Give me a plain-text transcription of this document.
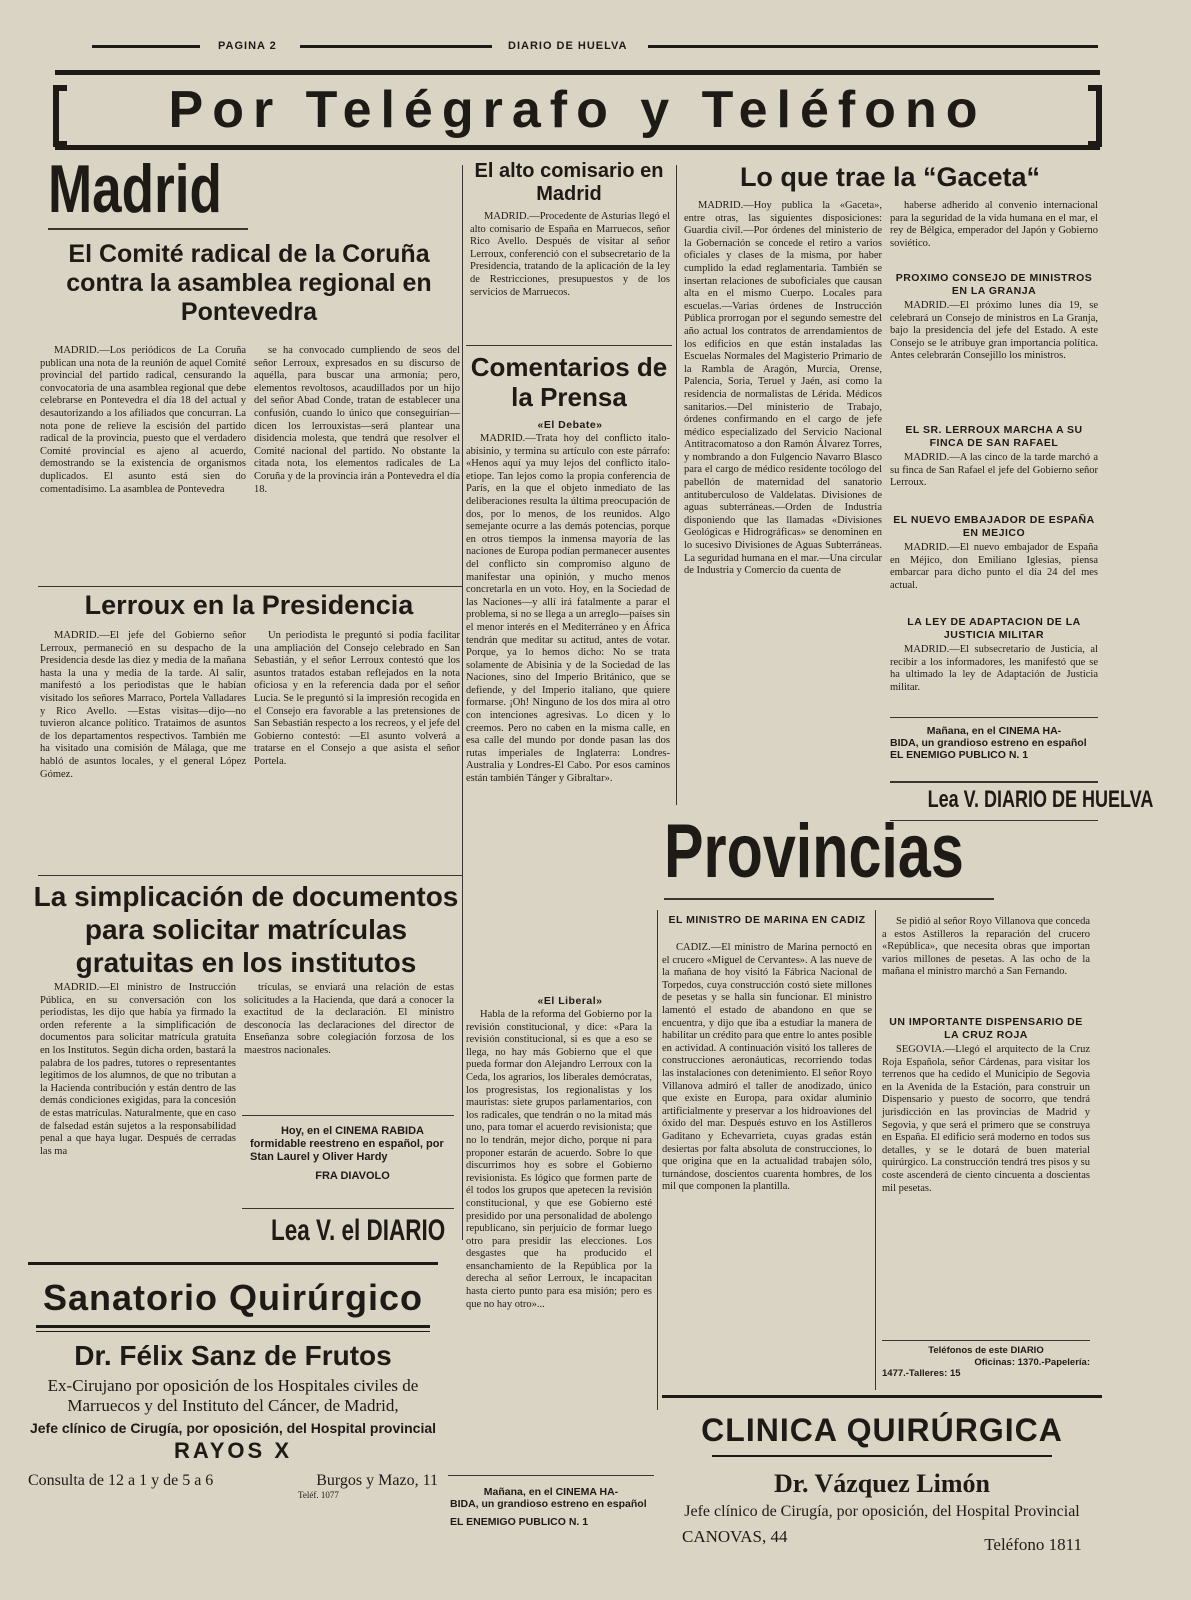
PAGINA 2	DIARIO DE HUELVA
Por Telégrafo y Teléfono
Madrid
El Comité radical de la Coruña contra la asamblea regional en Pontevedra

MADRID.—Los periódicos de La Coruña publican una nota de la reunión de aquel Comité provincial del partido radical, censurando la convocatoria de una asamblea regional que debe celebrarse en Pontevedra el día 18 del actual y desautorizando a los afiliados que concurran. La nota pone de relieve la escisión del partido radical de la provincia, puesto que el verdadero Comité provincial es ajeno al acuerdo, demostrando se la existencia de organismos duplicados. El asunto está sien do comentadísimo. La asamblea de Pontevedra

se ha convocado cumpliendo de seos del señor Lerroux, expresados en su discurso de aquélla, para buscar una armonía; pero, elementos revoltosos, acaudillados por un hijo del señor Abad Conde, tratan de establecer una confusión, cuando lo único que conseguirían—dicen los lerrouxistas—será plantear una disidencia molesta, que tendrá que resolver el Comité nacional del partido. No obstante la citada nota, los elementos radicales de La Coruña y de la provincia irán a Pontevedra el día 18.

Lerroux en la Presidencia

MADRID.—El jefe del Gobierno señor Lerroux, permaneció en su despacho de la Presidencia desde las diez y media de la mañana hasta la una y media de la tarde. Al salir, manifestó a los periodistas que le habían visitado los señores Marraco, Portela Valladares y Rico Avello. —Estas visitas—dijo—no tuvieron alcance político. Trataimos de asuntos de los departamentos respectivos. También me ha visitado una comisión de Málaga, que me habló de asuntos locales, y el general López Gómez.

Un periodista le preguntó si podía facilitar una ampliación del Consejo celebrado en San Sebastián, y el señor Lerroux contestó que los asuntos tratados estaban reflejados en la nota oficiosa y en la referencia dada por el señor Lucia. Se le preguntó si la impresión recogida en el Consejo era favorable a las pretensiones de San Sebastián respecto a los recreos, y el jefe del Gobierno contestó: —El asunto volverá a tratarse en el Consejo a que asista el señor Portela.

La simplicación de documentos para solicitar matrículas gratuitas en los institutos

MADRID.—El ministro de Instrucción Pública, en su conversación con los periodistas, les dijo que había ya firmado la orden referente a la simplificación de documentos para solicitar matrícula gratuita en los Institutos. Según dicha orden, bastará la palabra de los padres, tutores o representantes legítimos de los alumnos, de que no tributan a la Hacienda contribución y están dentro de las demás condiciones exigidas, para la concesión de estas matrículas. Naturalmente, que en caso de falsedad están sujetos a la responsabilidad penal a que haya lugar. Después de cerradas las ma

trículas, se enviará una relación de estas solicitudes a la Hacienda, que dará a conocer la exactitud de la declaración. El ministro desconocía las declaraciones del director de Enseñanza sobre colegiación forzosa de los maestros nacionales.

Hoy, en el CINEMA RABIDA
formidable reestreno en español, por Stan Laurel y Oliver Hardy
FRA DIAVOLO
Lea V. el DIARIO
Sanatorio Quirúrgico
Dr. Félix Sanz de Frutos
Ex-Cirujano por oposición de los Hospitales civiles de Marruecos y del Instituto del Cáncer, de Madrid,
Jefe clínico de Cirugía, por oposición, del Hospital provincial
RAYOS X
Consulta de 12 a 1 y de 5 a 6	Burgos y Mazo, 11
Teléf. 1077
El alto comisario en Madrid

MADRID.—Procedente de Asturias llegó el alto comisario de España en Marruecos, señor Rico Avello. Después de visitar al señor Lerroux, conferenció con el subsecretario de la Presidencia, tratando de la aplicación de la ley de Restricciones, presupuestos y de los servicios de Marruecos.

Comentarios de la Prensa
«El Debate»

MADRID.—Trata hoy del conflicto italo-abisinio, y termina su artículo con este párrafo: «Henos aquí ya muy lejos del conflicto italo-etiope. Tan lejos como la propia conferencia de París, en la que el objeto inmediato de las deliberaciones resulta la última preocupación de dos, por lo menos, de los reunidos. Algo semejante ocurre a las demás potencias, porque en otros tiempos la inmensa mayoría de las naciones de Europa podían permanecer ausentes del conflicto sin compromiso alguno de manifestar una opinión, y mucho menos concretarla en un voto. Hoy, en la Sociedad de las Naciones—y allí irá fatalmente a parar el problema, si no se llega a un arreglo—países sin el menor interés en el Mediterráneo y en África tendrán que meditar su actitud, antes de votar. Porque, ya lo hemos dicho: No se trata solamente de Abisinia y de la Sociedad de las Naciones, sino del Imperio Británico, que se defiende, y del Imperio italiano, que quiere formarse. ¡Oh! Ninguno de los dos mira al otro con intenciones agresivas. Lo dicen y lo creemos. Pero no caben en la misma calle, en esa calle del mundo por donde pasan las dos rutas imperiales de Inglaterra: Londres-Australia y Londres-El Cabo. Por esos caminos están también Tánger y Gibraltar».

«El Liberal»

Habla de la reforma del Gobierno por la revisión constitucional, y dice: «Para la revisión constitucional, si es que a eso se llega, no hay más Gobierno que el que pueda formar don Alejandro Lerroux con la Ceda, los agrarios, los liberales demócratas, los progresistas, los regionalistas y los mauristas: siete grupos parlamentarios, con los radicales, que tendrán o no la mitad más uno, para tomar el acuerdo revisionista; que no lo tendrán, mejor dicho, porque ni para proponer estarán de acuerdo. Sobre lo que discurrimos hoy es sobre el Gobierno revisionista. Es lógico que formen parte de él todos los grupos que apetecen la revisión constitucional, y que ese Gobierno esté presidido por una personalidad de abolengo republicano, sin perjuicio de formar luego otro para presidir las elecciones. Los desgastes que ha producido el ensanchamiento de la República por la derecha al señor Lerroux, le incapacitan hasta cierto punto para esa misión; pero es que no hay otro»...

Mañana, en el CINEMA HA-
BIDA, un grandioso estreno en español
EL ENEMIGO PUBLICO N. 1
Lo que trae la “Gaceta“

MADRID.—Hoy publica la «Gaceta», entre otras, las siguientes disposiciones: Guardia civil.—Por órdenes del ministerio de la Gobernación se concede el retiro a varios oficiales y clases de la misma, por haber cumplido la edad reglamentaria. También se insertan relaciones de suboficiales que causan alta en el mismo Cuerpo. Locales para escuelas.—Varias órdenes de Instrucción Pública prorrogan por el segundo semestre del año actual los contratos de arrendamientos de los edificios en que están instaladas las Escuelas Normales del Magisterio Primario de la Rambla de Aragón, Murcia, Orense, Palencia, Soria, Teruel y Jaén, así como la residencia de normalistas de Lérida. Médicos sanitarios.—Del ministerio de Trabajo, órdenes confirmando en el cargo de jefe médico especializado del Servicio Nacional Antitracomatoso a don Ramón Álvarez Torres, y nombrando a don Fulgencio Navarro Blasco para el cargo de médico residente tocólogo del pabellón de maternidad del sanatorio antituberculoso de Valdelatas. Divisiones de aguas subterráneas.—Orden de Industria disponiendo que las llamadas «Divisiones Geológicas e Hidrográficas» se denominen en lo sucesivo Divisiones de Aguas Subterráneas. La seguridad humana en el mar.—Una circular de Industria y Comercio da cuenta de

haberse adherido al convenio internacional para la seguridad de la vida humana en el mar, el rey de Bélgica, emperador del Japón y Gobierno soviético.

PROXIMO CONSEJO DE MINISTROS EN LA GRANJA

MADRID.—El próximo lunes día 19, se celebrará un Consejo de ministros en La Granja, bajo la presidencia del jefe del Estado. A este Consejo se le atribuye gran importancia política. Antes celebrarán Consejillo los ministros.

EL SR. LERROUX MARCHA A SU FINCA DE SAN RAFAEL

MADRID.—A las cinco de la tarde marchó a su finca de San Rafael el jefe del Gobierno señor Lerroux.

EL NUEVO EMBAJADOR DE ESPAÑA EN MEJICO

MADRID.—El nuevo embajador de España en Méjico, don Emiliano Iglesias, piensa embarcar para dicho punto el día 24 del mes actual.

LA LEY DE ADAPTACION DE LA JUSTICIA MILITAR

MADRID.—El subsecretario de Justicia, al recibir a los informadores, les manifestó que se ha ultimado la ley de Adaptación de Justicia militar.

Mañana, en el CINEMA HA-
BIDA, un grandioso estreno en español
EL ENEMIGO PUBLICO N. 1
Lea V. DIARIO DE HUELVA
Provincias
EL MINISTRO DE MARINA EN CADIZ

CADIZ.—El ministro de Marina pernoctó en el crucero «Miguel de Cervantes». A las nueve de la mañana de hoy visitó la Fábrica Nacional de Torpedos, cuya construcción costó siete millones de pesetas y se halla sin funcionar. El ministro lamentó el estado de abandono en que se encuentra, y dijo que iba a estudiar la manera de habilitar un crédito para que entre lo antes posible en actividad. A continuación visitó los talleres de construcciones aeronáuticas, recorriendo todas las instalaciones con detenimiento. El señor Royo Villanova admiró el taller de anodizado, único que existe en Europa, para oxidar aluminio artificialmente y preservar a los hidroaviones del óxido del mar. Después estuvo en los Astilleros Gaditano y Echevarrieta, cuyas gradas están desiertas por falta absoluta de construcciones, lo que origina que en la actualidad trabajen sólo, turnándose, doscientos cuarenta hombres, de los mil que componen la plantilla.

Se pidió al señor Royo Villanova que conceda a estos Astilleros la reparación del crucero «República», que necesita obras que importan varios millones de pesetas. A las ocho de la mañana el ministro marchó a San Fernando.

UN IMPORTANTE DISPENSARIO DE LA CRUZ ROJA

SEGOVIA.—Llegó el arquitecto de la Cruz Roja Española, señor Cárdenas, para visitar los terrenos que ha cedido el Municipio de Segovia en la Avenida de la Estación, para construir un Dispensario y puesto de socorro, que tendrá jurisdicción en las provincias de Madrid y Segovia, y que será el primero que se construya en España. El edificio será moderno en todos sus detalles, y se le dotará de buen material quirúrgico. La construcción tendrá tres pisos y su coste ascenderá de ciento cincuenta a doscientas mil pesetas.

Teléfonos de este DIARIO
Oficinas: 1370.-Papelería:
1477.-Talleres: 15
CLINICA QUIRÚRGICA
Dr. Vázquez Limón
Jefe clínico de Cirugía, por oposición, del Hospital Provincial
CANOVAS, 44	Teléfono 1811
